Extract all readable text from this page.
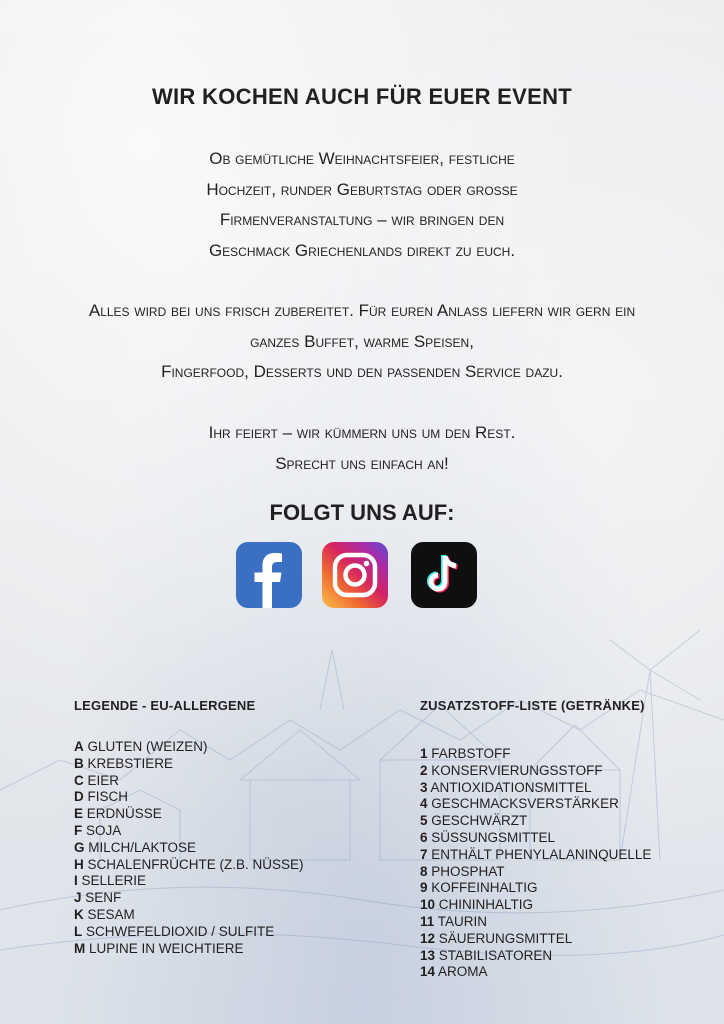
WIR KOCHEN AUCH FÜR EUER EVENT

Ob gemütliche Weihnachtsfeier, festliche
Hochzeit, runder Geburtstag oder große
Firmenveranstaltung – wir bringen den
Geschmack Griechenlands direkt zu euch.

Alles wird bei uns frisch zubereitet. Für euren Anlass liefern wir gern ein
ganzes Buffet, warme Speisen,
Fingerfood, Desserts und den passenden Service dazu.

Ihr feiert – wir kümmern uns um den Rest.
Sprecht uns einfach an!

FOLGT UNS AUF:
LEGENDE - EU-ALLERGENE
A GLUTEN (WEIZEN)
B KREBSTIERE
C EIER
D FISCH
E ERDNÜSSE
F SOJA
G MILCH/LAKTOSE
H SCHALENFRÜCHTE (Z.B. NÜSSE)
I SELLERIE
J SENF
K SESAM
L SCHWEFELDIOXID / SULFITE
M LUPINE IN WEICHTIERE
ZUSATZSTOFF-LISTE (GETRÄNKE)
1 FARBSTOFF
2 KONSERVIERUNGSSTOFF
3 ANTIOXIDATIONSMITTEL
4 GESCHMACKSVERSTÄRKER
5 GESCHWÄRZT
6 SÜSSUNGSMITTEL
7 ENTHÄLT PHENYLALANINQUELLE
8 PHOSPHAT
9 KOFFEINHALTIG
10 CHININHALTIG
11 TAURIN
12 SÄUERUNGSMITTEL
13 STABILISATOREN
14 AROMA
